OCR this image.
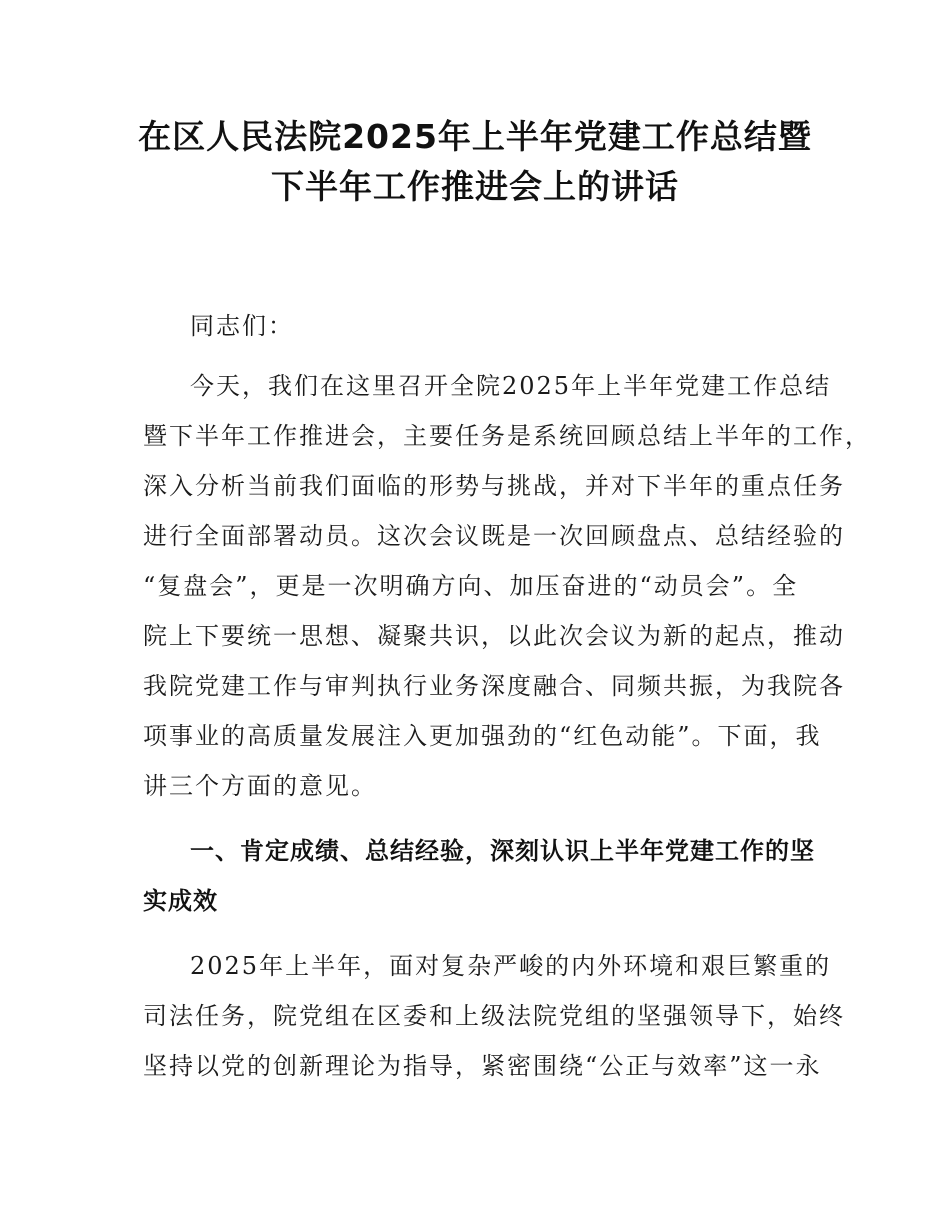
在区人民法院2025年上半年党建工作总结暨
下半年工作推进会上的讲话

同志们：

今天，我们在这里召开全院2025年上半年党建工作总结

暨下半年工作推进会，主要任务是系统回顾总结上半年的工作，

深入分析当前我们面临的形势与挑战，并对下半年的重点任务

进行全面部署动员。这次会议既是一次回顾盘点、总结经验的

“复盘会”，更是一次明确方向、加压奋进的“动员会”。全

院上下要统一思想、凝聚共识，以此次会议为新的起点，推动

我院党建工作与审判执行业务深度融合、同频共振，为我院各

项事业的高质量发展注入更加强劲的“红色动能”。下面，我

讲三个方面的意见。

一、肯定成绩、总结经验，深刻认识上半年党建工作的坚

实成效

2025年上半年，面对复杂严峻的内外环境和艰巨繁重的

司法任务，院党组在区委和上级法院党组的坚强领导下，始终

坚持以党的创新理论为指导，紧密围绕“公正与效率”这一永
